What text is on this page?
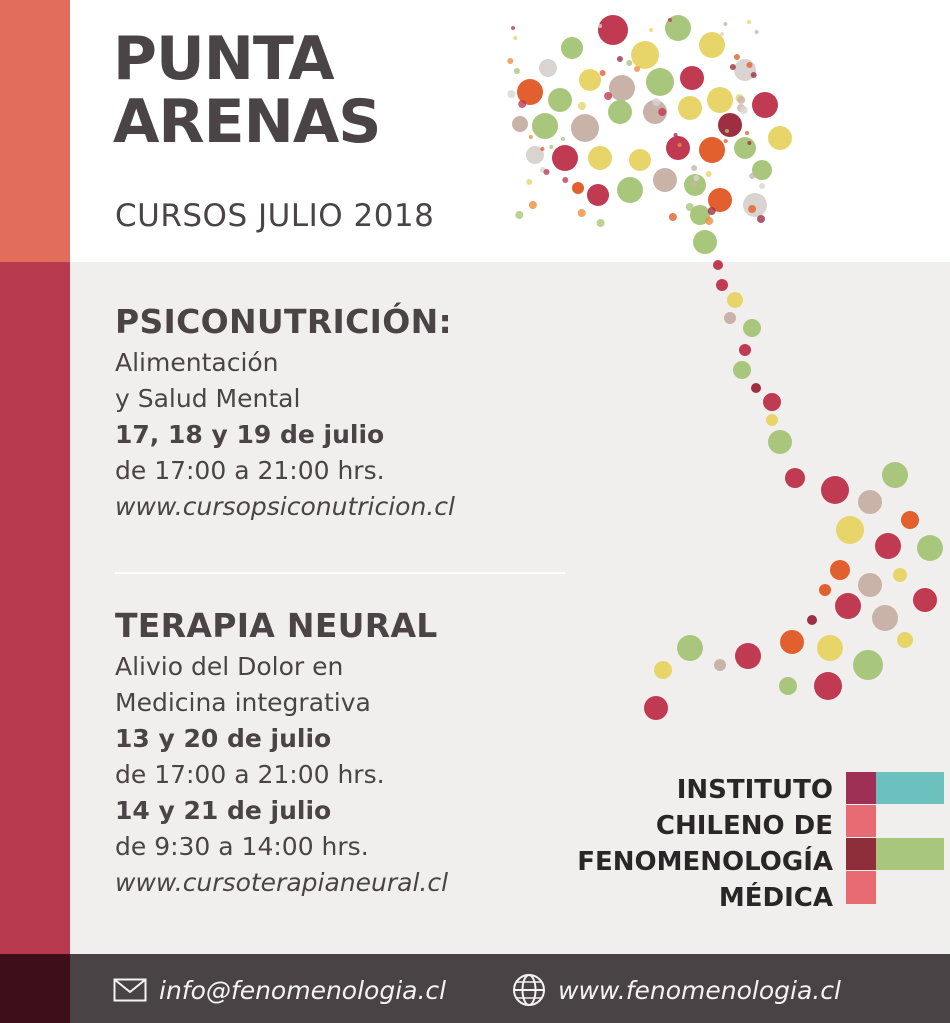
PUNTA
ARENAS
CURSOS JULIO 2018
PSICONUTRICIÓN:
Alimentación
y Salud Mental
17, 18 y 19 de julio
de 17:00 a 21:00 hrs.
www.cursopsiconutricion.cl
TERAPIA NEURAL
Alivio del Dolor en
Medicina integrativa
13 y 20 de julio
de 17:00 a 21:00 hrs.
14 y 21 de julio
de 9:30 a 14:00 hrs.
www.cursoterapianeural.cl
INSTITUTO
CHILENO DE
FENOMENOLOGÍA
MÉDICA
info@fenomenologia.cl	www.fenomenologia.cl
